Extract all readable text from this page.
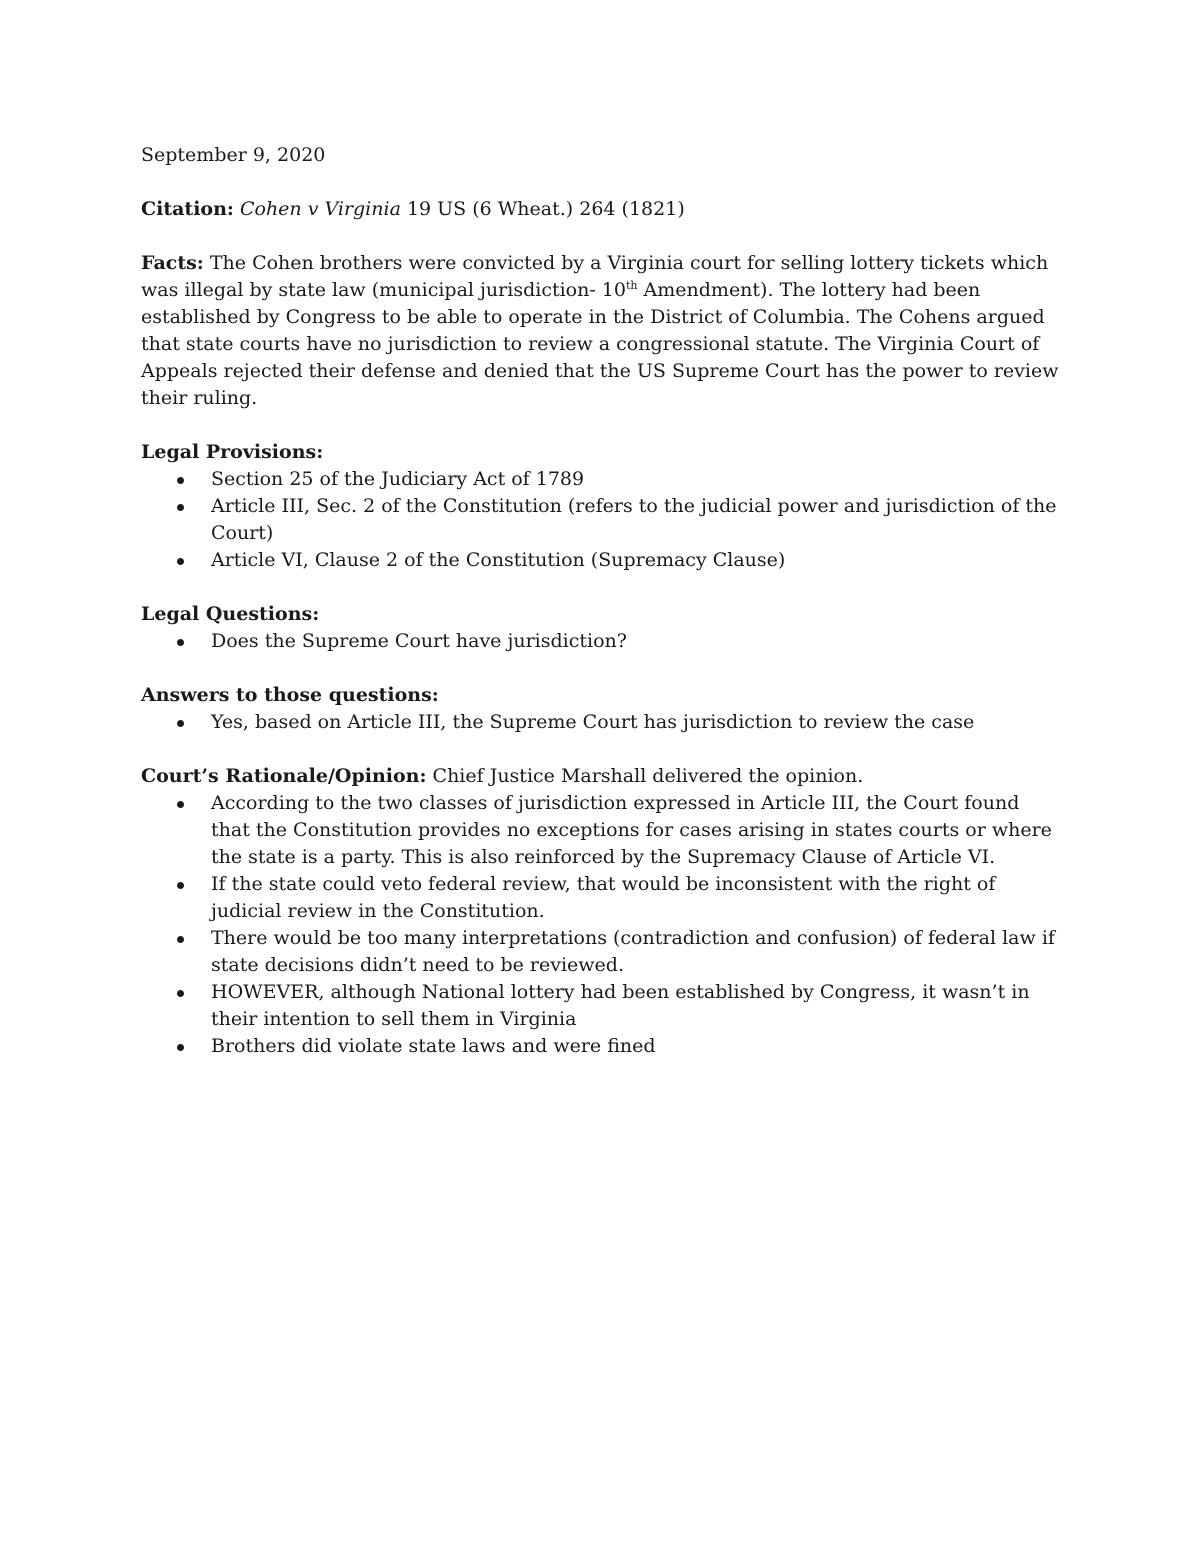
September 9, 2020

Citation: Cohen v Virginia 19 US (6 Wheat.) 264 (1821)

Facts: The Cohen brothers were convicted by a Virginia court for selling lottery tickets which was illegal by state law (municipal jurisdiction- 10th Amendment). The lottery had been established by Congress to be able to operate in the District of Columbia. The Cohens argued that state courts have no jurisdiction to review a congressional statute. The Virginia Court of Appeals rejected their defense and denied that the US Supreme Court has the power to review their ruling.

Legal Provisions:

Section 25 of the Judiciary Act of 1789
Article III, Sec. 2 of the Constitution (refers to the judicial power and jurisdiction of the Court)
Article VI, Clause 2 of the Constitution (Supremacy Clause)

Legal Questions:

Does the Supreme Court have jurisdiction?

Answers to those questions:

Yes, based on Article III, the Supreme Court has jurisdiction to review the case

Court’s Rationale/Opinion: Chief Justice Marshall delivered the opinion.

According to the two classes of jurisdiction expressed in Article III, the Court found that the Constitution provides no exceptions for cases arising in states courts or where the state is a party. This is also reinforced by the Supremacy Clause of Article VI.
If the state could veto federal review, that would be inconsistent with the right of judicial review in the Constitution.
There would be too many interpretations (contradiction and confusion) of federal law if state decisions didn’t need to be reviewed.
HOWEVER, although National lottery had been established by Congress, it wasn’t in their intention to sell them in Virginia
Brothers did violate state laws and were fined
